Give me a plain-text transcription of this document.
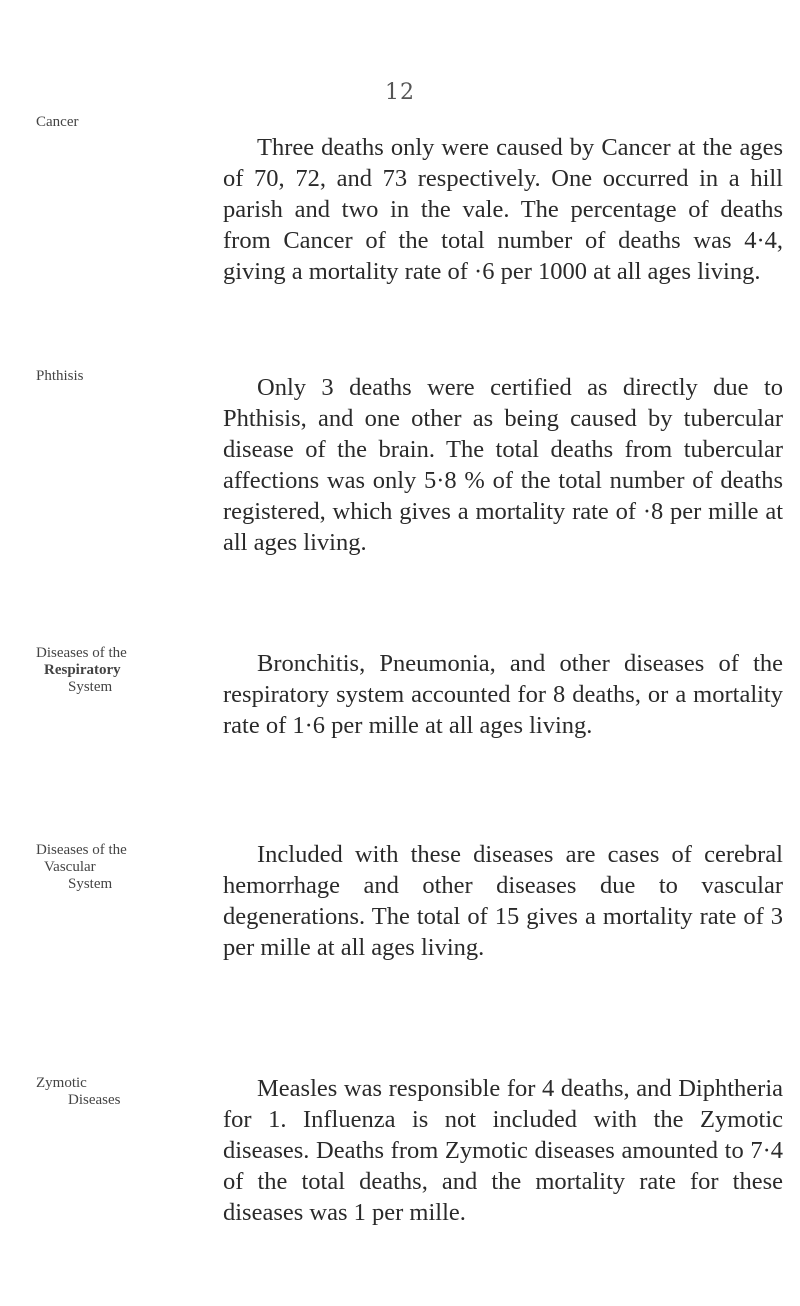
12
Cancer
Three deaths only were caused by Cancer at the ages of 70, 72, and 73 respectively. One occurred in a hill parish and two in the vale. The percentage of deaths from Cancer of the total number of deaths was 4·4, giving a mortality rate of ·6 per 1000 at all ages living.
Phthisis	Only 3 deaths were certified as directly due to Phthisis, and one other as being caused by tubercular disease of the brain. The total deaths from tubercular affections was only 5·8 % of the total number of deaths registered, which gives a mortality rate of ·8 per mille at all ages living.
Diseases of the
Respiratory
System
Bronchitis, Pneumonia, and other diseases of the respiratory system accounted for 8 deaths, or a mortality rate of 1·6 per mille at all ages living.
Diseases of the
Vascular
System
Included with these diseases are cases of cerebral hemorrhage and other diseases due to vascular degenerations. The total of 15 gives a mortality rate of 3 per mille at all ages living.
Zymotic
Diseases	Measles was responsible for 4 deaths, and Diphtheria for 1. Influenza is not included with the Zymotic diseases. Deaths from Zymotic diseases amounted to 7·4 of the total deaths, and the mortality rate for these diseases was 1 per mille.
